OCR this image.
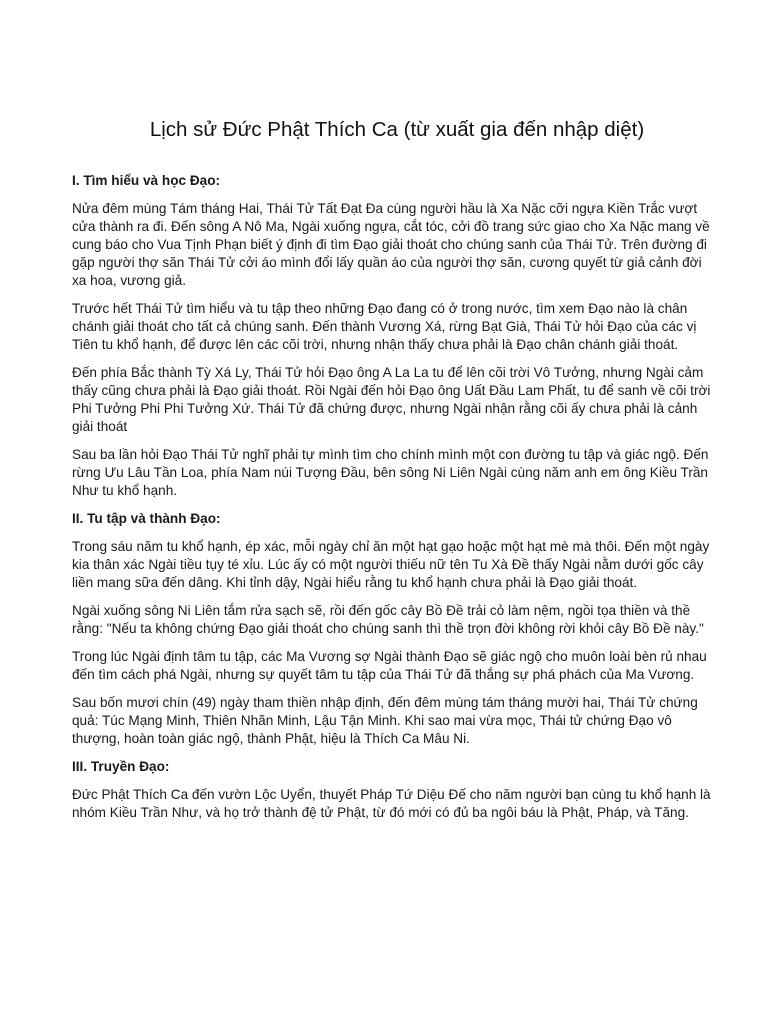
Lịch sử Đức Phật Thích Ca (từ xuất gia đến nhập diệt)
I. Tìm hiểu và học Đạo:

Nửa đêm mùng Tám tháng Hai, Thái Tử Tất Đạt Đa cùng người hầu là Xa Nặc cỡi ngựa Kiền Trắc vượt cửa thành ra đi. Đến sông A Nô Ma, Ngài xuống ngựa, cắt tóc, cởi đồ trang sức giao cho Xa Nặc mang về cung báo cho Vua Tịnh Phạn biết ý định đi tìm Đạo giải thoát cho chúng sanh của Thái Tử. Trên đường đi gặp người thợ săn Thái Tử cởi áo mình đổi lấy quần áo của người thợ săn, cương quyết từ giả cảnh đời xa hoa, vương giả.

Trước hết Thái Tử tìm hiểu và tu tập theo những Đạo đang có ở trong nước, tìm xem Đạo nào là chân chánh giải thoát cho tất cả chúng sanh. Đến thành Vương Xá, rừng Bạt Già, Thái Tử hỏi Đạo của các vị Tiên tu khổ hạnh, để được lên các cõi trời, nhưng nhận thấy chưa phải là Đạo chân chánh giải thoát.

Đến phía Bắc thành Tỳ Xá Ly, Thái Tử hỏi Đạo ông A La La tu để lên cõi trời Vô Tưởng, nhưng Ngài cảm thấy cũng chưa phải là Đạo giải thoát. Rồi Ngài đến hỏi Đạo ông Uất Đầu Lam Phất, tu để sanh về cõi trời Phi Tưởng Phi Phi Tưởng Xứ. Thái Tử đã chứng được, nhưng Ngài nhận rằng cõi ấy chưa phải là cảnh giải thoát

Sau ba lần hỏi Đạo Thái Tử nghĩ phải tự mình tìm cho chính mình một con đường tu tập và giác ngộ. Đến rừng Ưu Lâu Tần Loa, phía Nam núi Tượng Đầu, bên sông Ni Liên Ngài cùng năm anh em ông Kiều Trần Như tu khổ hạnh.

II. Tu tập và thành Đạo:

Trong sáu năm tu khổ hạnh, ép xác, mỗi ngày chỉ ăn một hạt gạo hoặc một hạt mè mà thôi. Đến một ngày kia thân xác Ngài tiều tụy té xỉu. Lúc ấy có một người thiếu nữ tên Tu Xà Đề thấy Ngài nằm dưới gốc cây liền mang sữa đến dâng. Khi tỉnh dậy, Ngài hiểu rằng tu khổ hạnh chưa phải là Đạo giải thoát.

Ngài xuống sông Ni Liên tắm rửa sạch sẽ, rồi đến gốc cây Bồ Đề trải cỏ làm nệm, ngồi tọa thiền và thề rằng: "Nếu ta không chứng Đạo giải thoát cho chúng sanh thì thề trọn đời không rời khỏi cây Bồ Đề này."

Trong lúc Ngài định tâm tu tập, các Ma Vương sợ Ngài thành Đạo sẽ giác ngộ cho muôn loài bèn rủ nhau đến tìm cách phá Ngài, nhưng sự quyết tâm tu tập của Thái Tử đã thắng sự phá phách của Ma Vương.

Sau bốn mươi chín (49) ngày tham thiền nhập định, đến đêm mùng tám tháng mười hai, Thái Tử chứng quả: Túc Mạng Minh, Thiên Nhãn Minh, Lậu Tận Minh. Khi sao mai vừa mọc, Thái tử chứng Đạo vô thượng, hoàn toàn giác ngộ, thành Phật, hiệu là Thích Ca Mâu Ni.

III. Truyền Đạo:

Đức Phật Thích Ca đến vườn Lộc Uyển, thuyết Pháp Tứ Diệu Đế cho năm người bạn cùng tu khổ hạnh là nhóm Kiều Trần Như, và họ trở thành đệ tử Phật, từ đó mới có đủ ba ngôi báu là Phật, Pháp, và Tăng.
